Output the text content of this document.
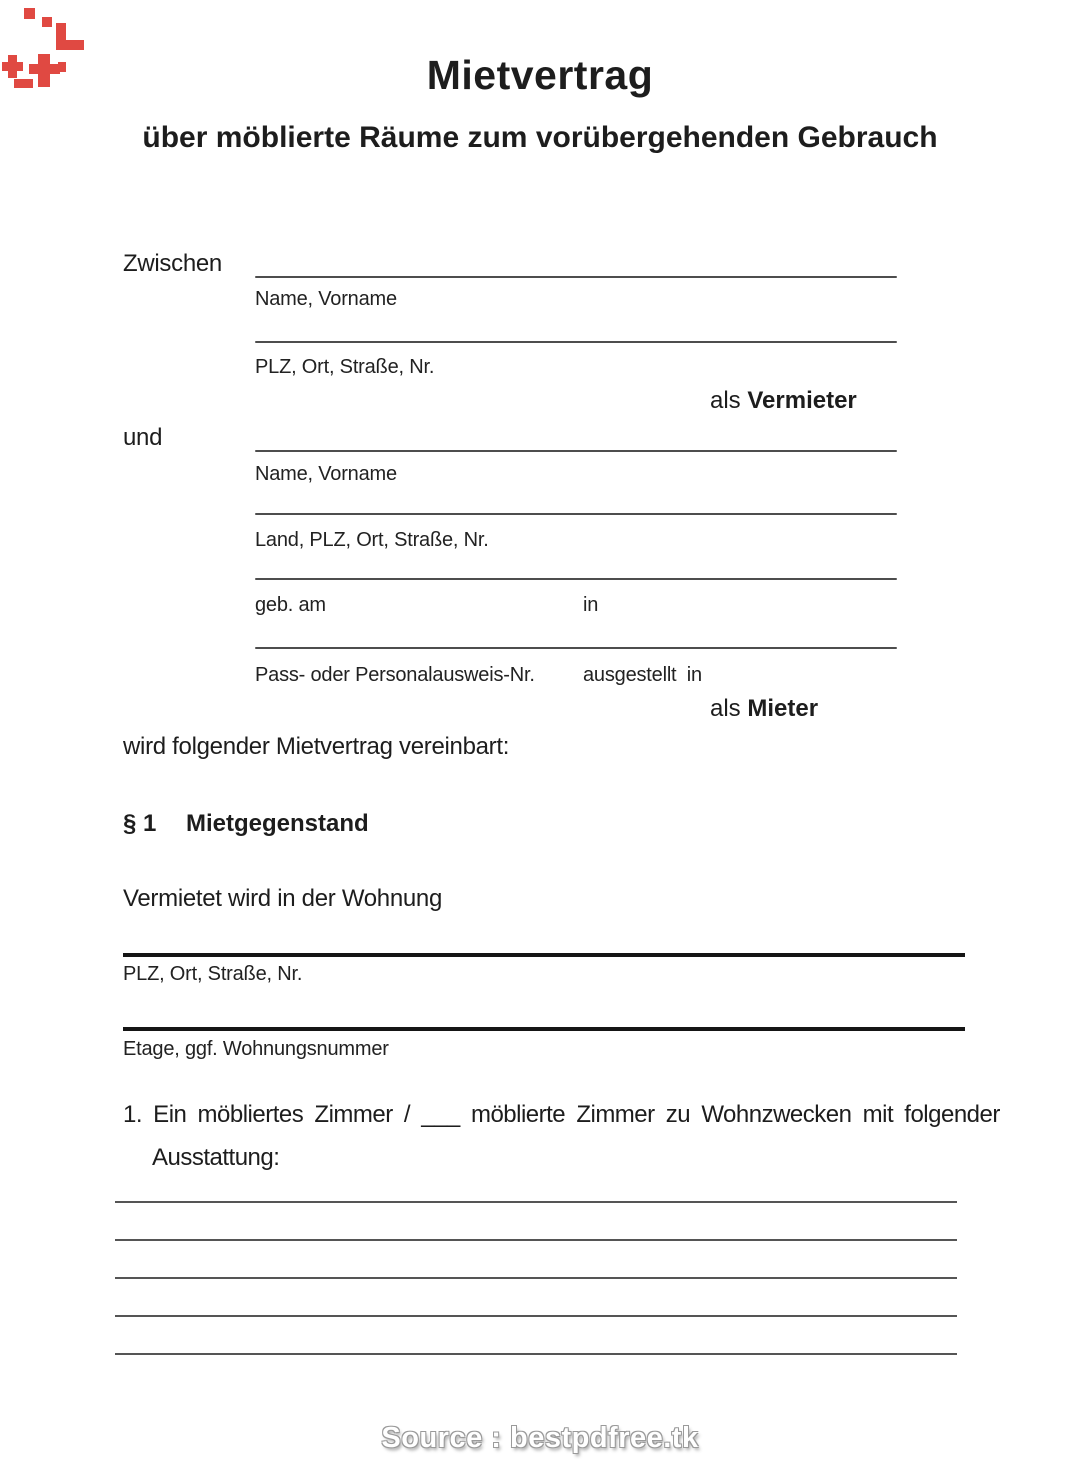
Mietvertrag
über möblierte Räume zum vorübergehenden Gebrauch
Zwischen
Name, Vorname
PLZ, Ort, Straße, Nr.
als Vermieter
und
Name, Vorname
Land, PLZ, Ort, Straße, Nr.
geb. am	in
Pass- oder Personalausweis-Nr. ausgestellt in
als Mieter
wird folgender Mietvertrag vereinbart:
§ 1	Mietgegenstand
Vermietet wird in der Wohnung
PLZ, Ort, Straße, Nr.
Etage, ggf. Wohnungsnummer
1. Ein möbliertes Zimmer / ___ möblierte Zimmer zu Wohnzwecken mit folgender
Ausstattung:
Source : bestpdfree.tk
